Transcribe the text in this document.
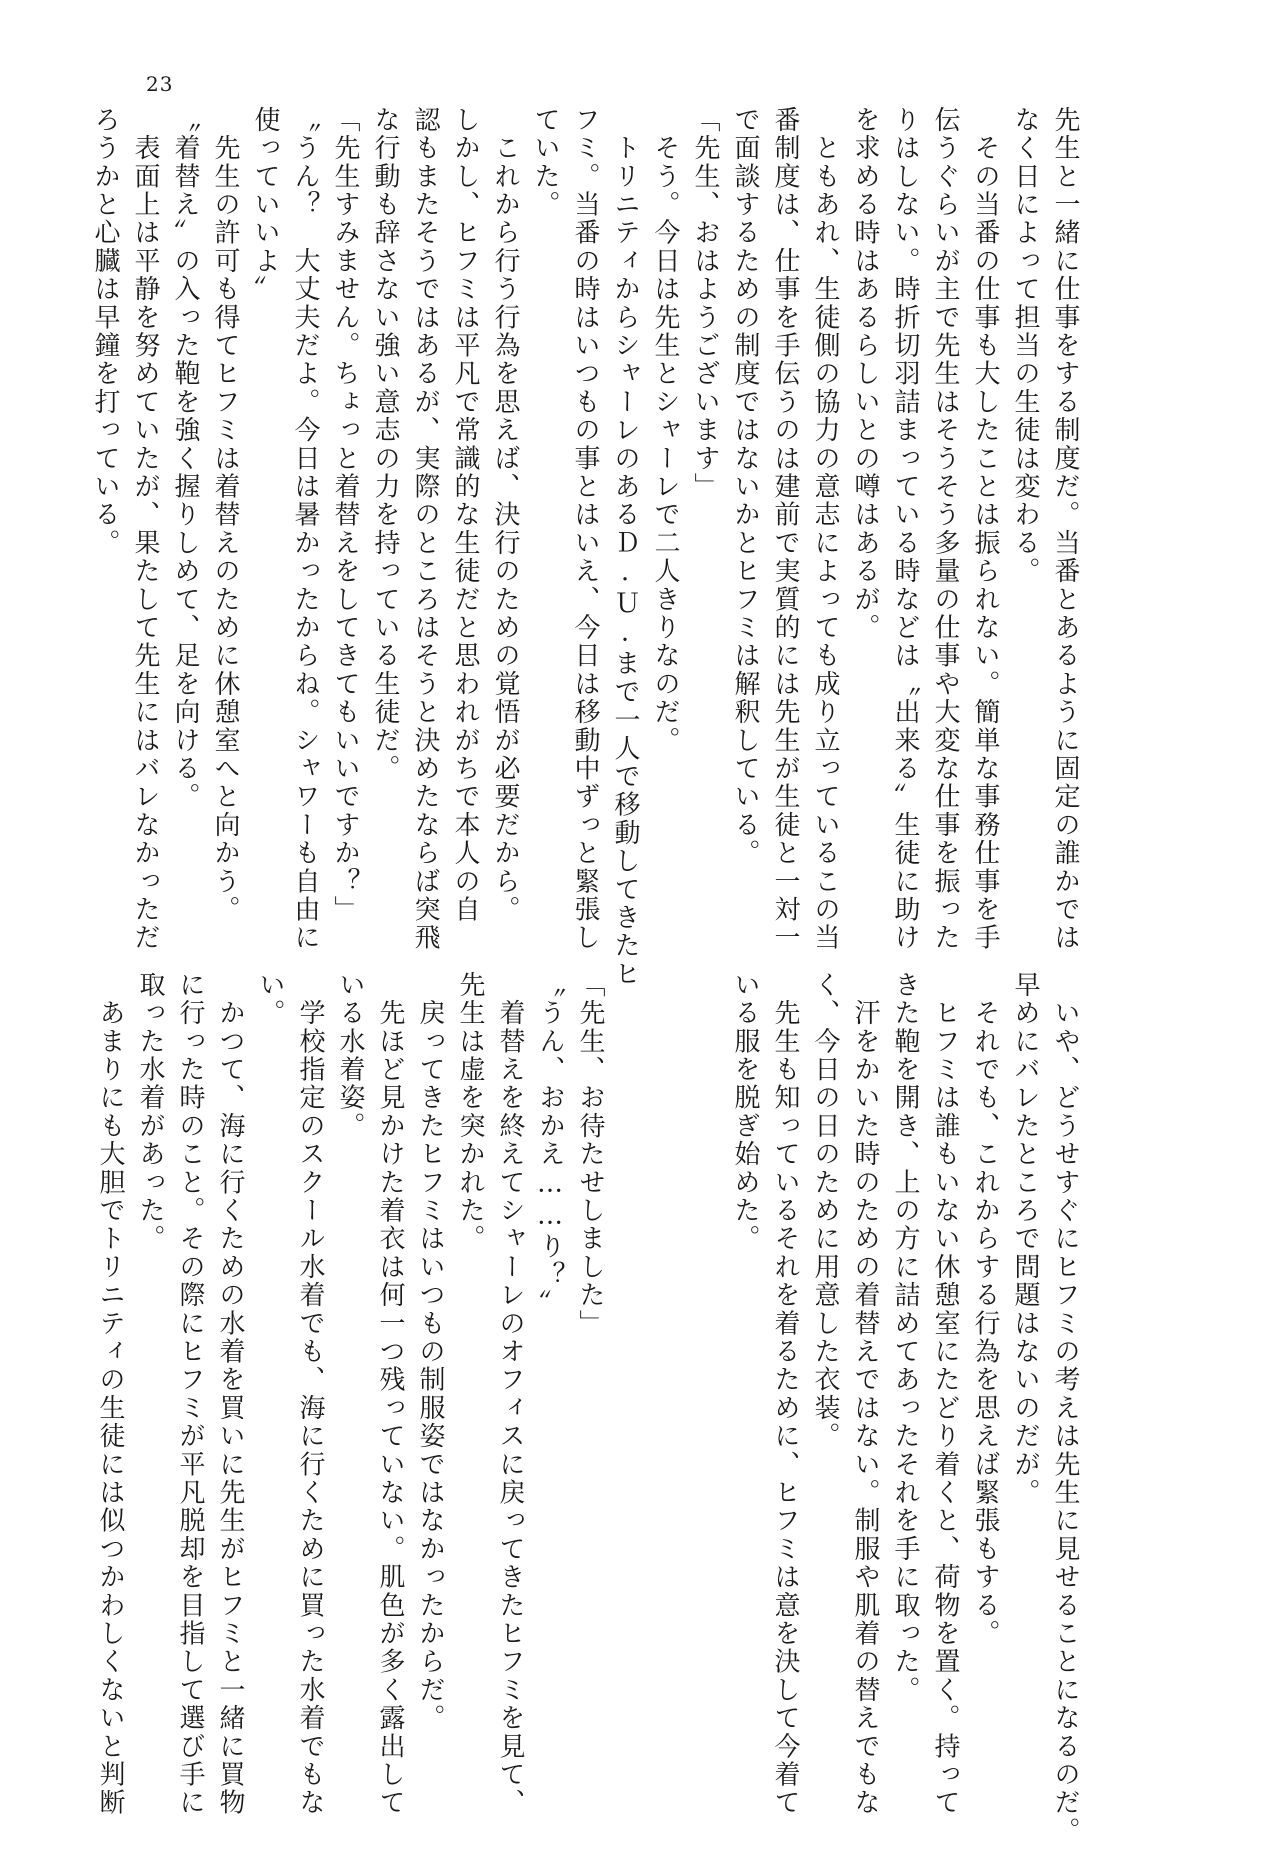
23
先生と一緒に仕事をする制度だ。当番とあるように固定の誰かでは
なく日によって担当の生徒は変わる。
　その当番の仕事も大したことは振られない。簡単な事務仕事を手
伝うぐらいが主で先生はそうそう多量の仕事や大変な仕事を振った
りはしない。時折切羽詰まっている時などは〝出来る〟生徒に助け
を求める時はあるらしいとの噂はあるが。
　ともあれ、生徒側の協力の意志によっても成り立っているこの当
番制度は、仕事を手伝うのは建前で実質的には先生が生徒と一対一
で面談するための制度ではないかとヒフミは解釈している。
「先生、おはようございます」
　そう。今日は先生とシャーレで二人きりなのだ。
　トリニティからシャーレのあるＤ.Ｕ.まで一人で移動してきたヒ
フミ。当番の時はいつもの事とはいえ、今日は移動中ずっと緊張し
ていた。
　これから行う行為を思えば、決行のための覚悟が必要だから。
しかし、ヒフミは平凡で常識的な生徒だと思われがちで本人の自
認もまたそうではあるが、実際のところはそうと決めたならば突飛
な行動も辞さない強い意志の力を持っている生徒だ。
「先生すみません。ちょっと着替えをしてきてもいいですか？」
〝うん？　大丈夫だよ。今日は暑かったからね。シャワーも自由に
使っていいよ〟
　先生の許可も得てヒフミは着替えのために休憩室へと向かう。
〝着替え〟の入った鞄を強く握りしめて、足を向ける。
　表面上は平静を努めていたが、果たして先生にはバレなかっただ
ろうかと心臓は早鐘を打っている。
　いや、どうせすぐにヒフミの考えは先生に見せることになるのだ。
早めにバレたところで問題はないのだが。
　それでも、これからする行為を思えば緊張もする。
　ヒフミは誰もいない休憩室にたどり着くと、荷物を置く。持って
きた鞄を開き、上の方に詰めてあったそれを手に取った。
　汗をかいた時のための着替えではない。制服や肌着の替えでもな
く、今日の日のために用意した衣装。
　先生も知っているそれを着るために、ヒフミは意を決して今着て
いる服を脱ぎ始めた。
「先生、お待たせしました」
〝うん、おかえ……り？〟
　着替えを終えてシャーレのオフィスに戻ってきたヒフミを見て、
先生は虚を突かれた。
　戻ってきたヒフミはいつもの制服姿ではなかったからだ。
　先ほど見かけた着衣は何一つ残っていない。肌色が多く露出して
いる水着姿。
　学校指定のスクール水着でも、海に行くために買った水着でもな
い。
　かつて、海に行くための水着を買いに先生がヒフミと一緒に買物
に行った時のこと。その際にヒフミが平凡脱却を目指して選び手に
取った水着があった。
　あまりにも大胆でトリニティの生徒には似つかわしくないと判断
